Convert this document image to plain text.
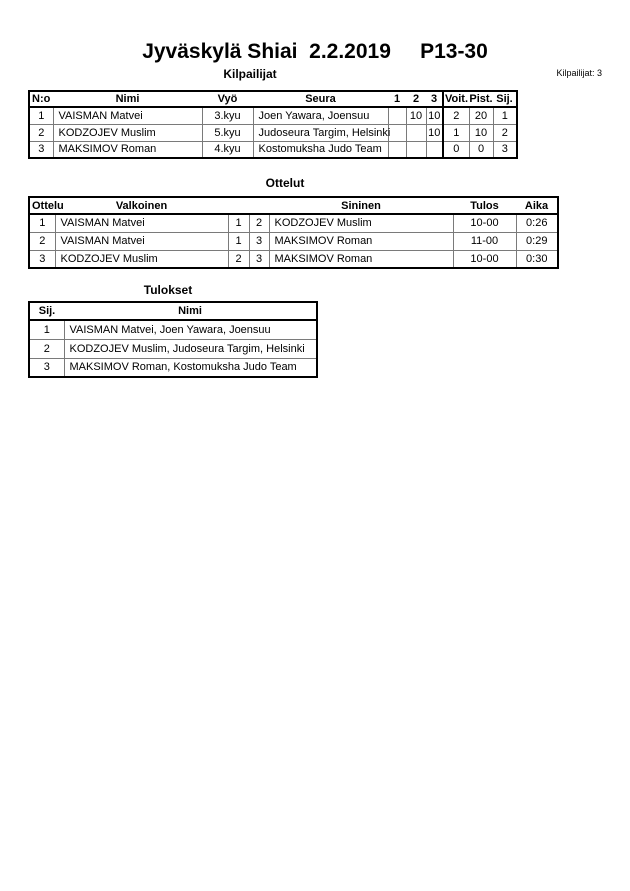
Jyväskylä Shiai  2.2.2019     P13-30
Kilpailijat	Kilpailijat: 3
N:o	Nimi	Vyö	Seura	1	2	3	Voit.	Pist.	Sij.
1	VAISMAN Matvei	3.kyu	Joen Yawara, Joensuu		10	10	2	20	1
2	KODZOJEV Muslim	5.kyu	Judoseura Targim, Helsinki			10	1	10	2
3	MAKSIMOV Roman	4.kyu	Kostomuksha Judo Team				0	0	3
Ottelut
Ottelu	Valkoinen			Sininen	Tulos	Aika
1	VAISMAN Matvei	1	2	KODZOJEV Muslim	10-00	0:26
2	VAISMAN Matvei	1	3	MAKSIMOV Roman	11-00	0:29
3	KODZOJEV Muslim	2	3	MAKSIMOV Roman	10-00	0:30
Tulokset
Sij.	Nimi
1	VAISMAN Matvei, Joen Yawara, Joensuu
2	KODZOJEV Muslim, Judoseura Targim, Helsinki
3	MAKSIMOV Roman, Kostomuksha Judo Team
